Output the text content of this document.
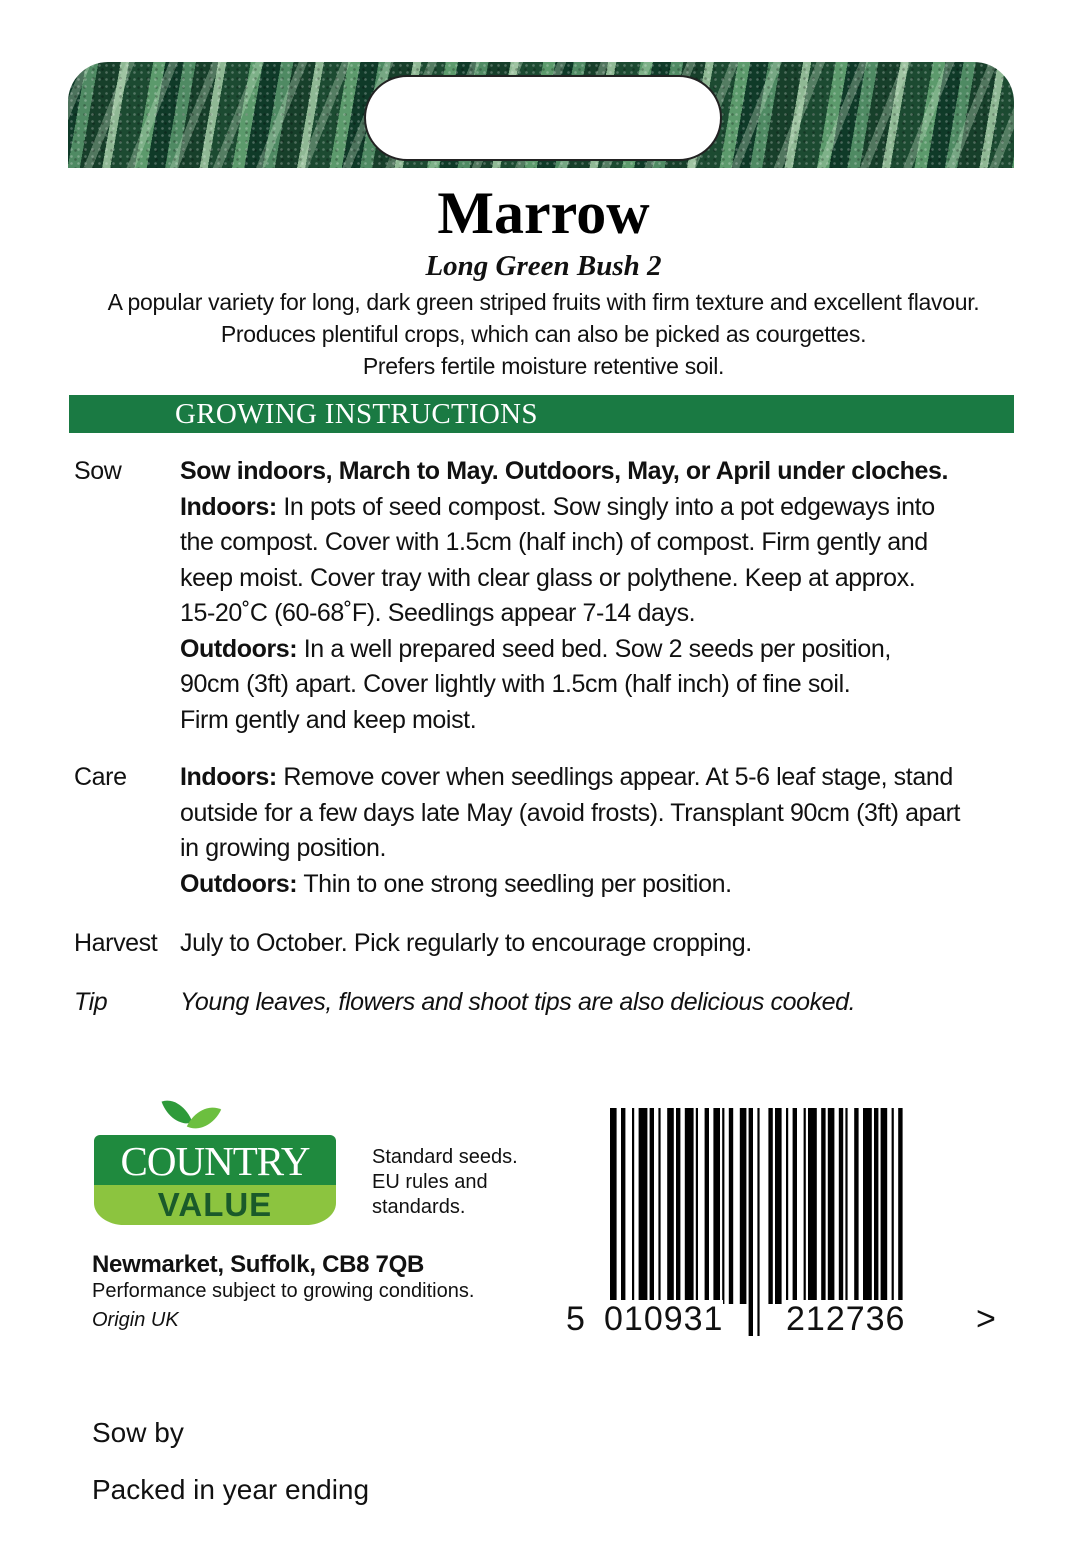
Marrow
Long Green Bush 2
A popular variety for long, dark green striped fruits with firm texture and excellent flavour.
Produces plentiful crops, which can also be picked as courgettes.
Prefers fertile moisture retentive soil.
GROWING INSTRUCTIONS
Sow Sow indoors, March to May. Outdoors, May, or April under cloches.
Indoors: In pots of seed compost. Sow singly into a pot edgeways into
the compost. Cover with 1.5cm (half inch) of compost. Firm gently and
keep moist. Cover tray with clear glass or polythene. Keep at approx.
15-20˚C (60-68˚F). Seedlings appear 7-14 days.
Outdoors: In a well prepared seed bed. Sow 2 seeds per position,
90cm (3ft) apart. Cover lightly with 1.5cm (half inch) of fine soil.
Firm gently and keep moist.
Care Indoors: Remove cover when seedlings appear. At 5-6 leaf stage, stand
outside for a few days late May (avoid frosts). Transplant 90cm (3ft) apart
in growing position.
Outdoors: Thin to one strong seedling per position.
Harvest July to October. Pick regularly to encourage cropping.
Tip	Young leaves, flowers and shoot tips are also delicious cooked.
COUNTRY
VALUE
Standard seeds.
EU rules and
standards.
Newmarket, Suffolk, CB8 7QB
Performance subject to growing conditions.
Origin UK	5 010931 212736 >
Sow by
Packed in year ending
